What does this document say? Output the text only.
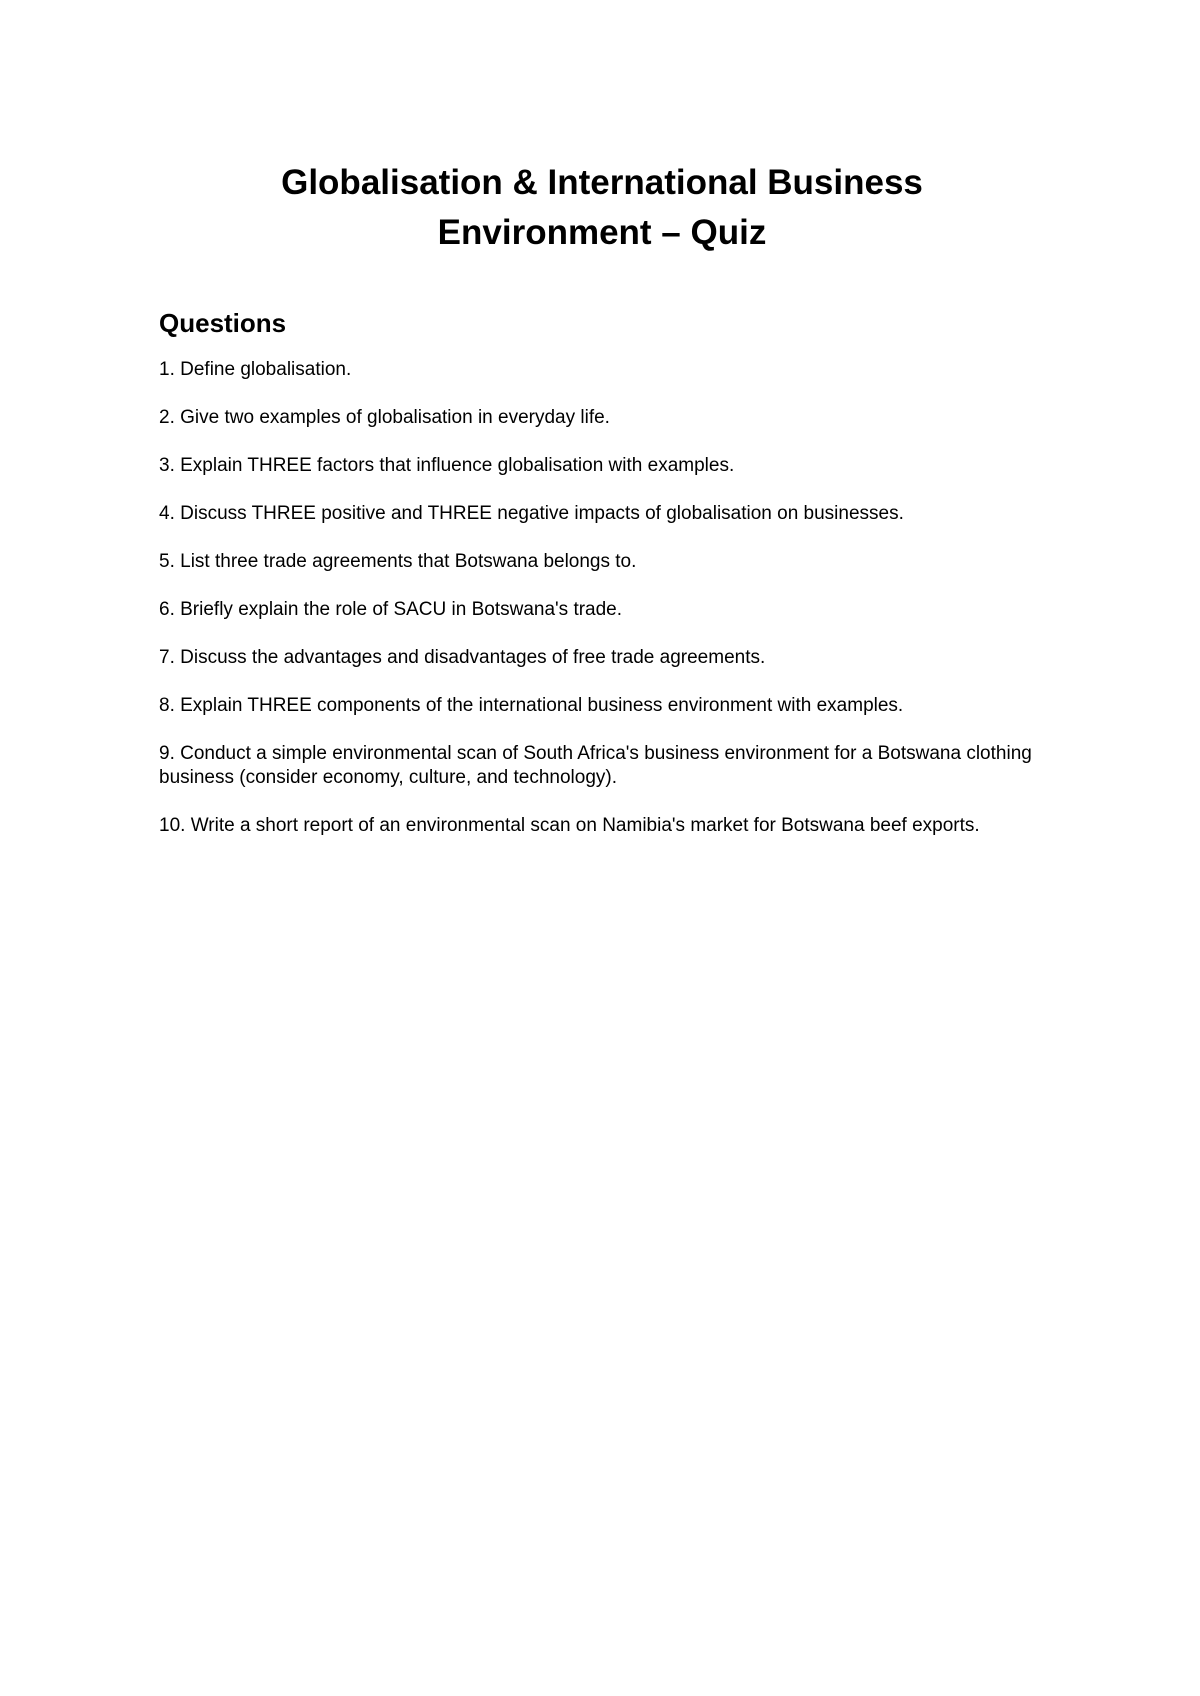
Globalisation & International Business
Environment – Quiz
Questions
1. Define globalisation.
2. Give two examples of globalisation in everyday life.
3. Explain THREE factors that influence globalisation with examples.
4. Discuss THREE positive and THREE negative impacts of globalisation on businesses.
5. List three trade agreements that Botswana belongs to.
6. Briefly explain the role of SACU in Botswana's trade.
7. Discuss the advantages and disadvantages of free trade agreements.
8. Explain THREE components of the international business environment with examples.
9. Conduct a simple environmental scan of South Africa's business environment for a Botswana clothing business (consider economy, culture, and technology).
10. Write a short report of an environmental scan on Namibia's market for Botswana beef exports.
